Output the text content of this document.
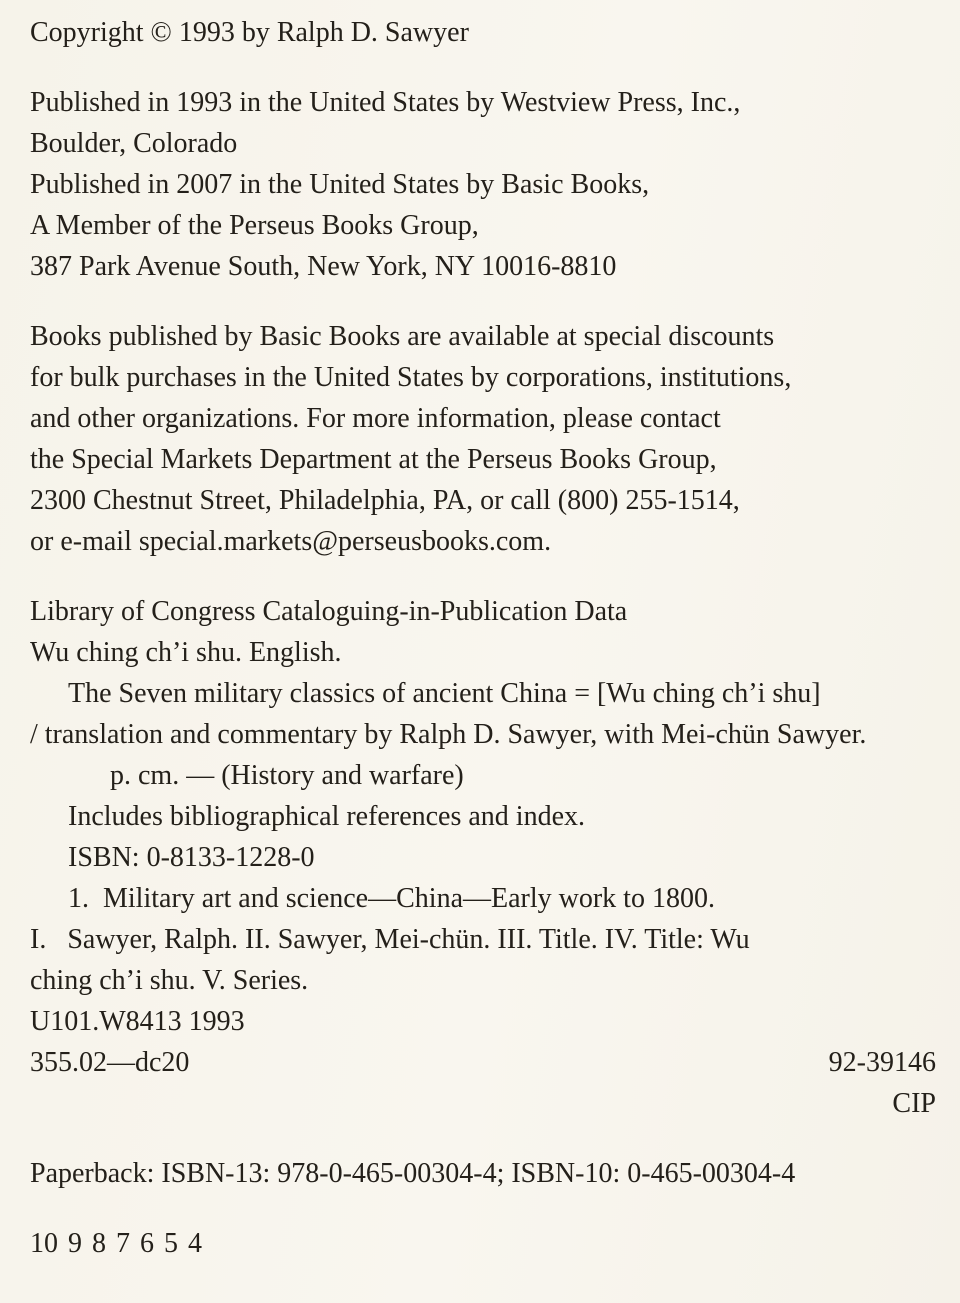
Copyright © 1993 by Ralph D. Sawyer
Published in 1993 in the United States by Westview Press, Inc.,
Boulder, Colorado
Published in 2007 in the United States by Basic Books,
A Member of the Perseus Books Group,
387 Park Avenue South, New York, NY 10016-8810
Books published by Basic Books are available at special discounts
for bulk purchases in the United States by corporations, institutions,
and other organizations. For more information, please contact
the Special Markets Department at the Perseus Books Group,
2300 Chestnut Street, Philadelphia, PA, or call (800) 255-1514,
or e-mail special.markets@perseusbooks.com.
Library of Congress Cataloguing-in-Publication Data
Wu ching ch’i shu. English.
The Seven military classics of ancient China = [Wu ching ch’i shu]
/ translation and commentary by Ralph D. Sawyer, with Mei-chün Sawyer.
p. cm. — (History and warfare)
Includes bibliographical references and index.
ISBN: 0-8133-1228-0
1.  Military art and science—China—Early work to 1800.
I.   Sawyer, Ralph. II. Sawyer, Mei-chün. III. Title. IV. Title: Wu
ching ch’i shu. V. Series.
U101.W8413 1993
355.02—dc20	92-39146
CIP
Paperback: ISBN-13: 978-0-465-00304-4; ISBN-10: 0-465-00304-4
10 9 8 7 6 5 4
